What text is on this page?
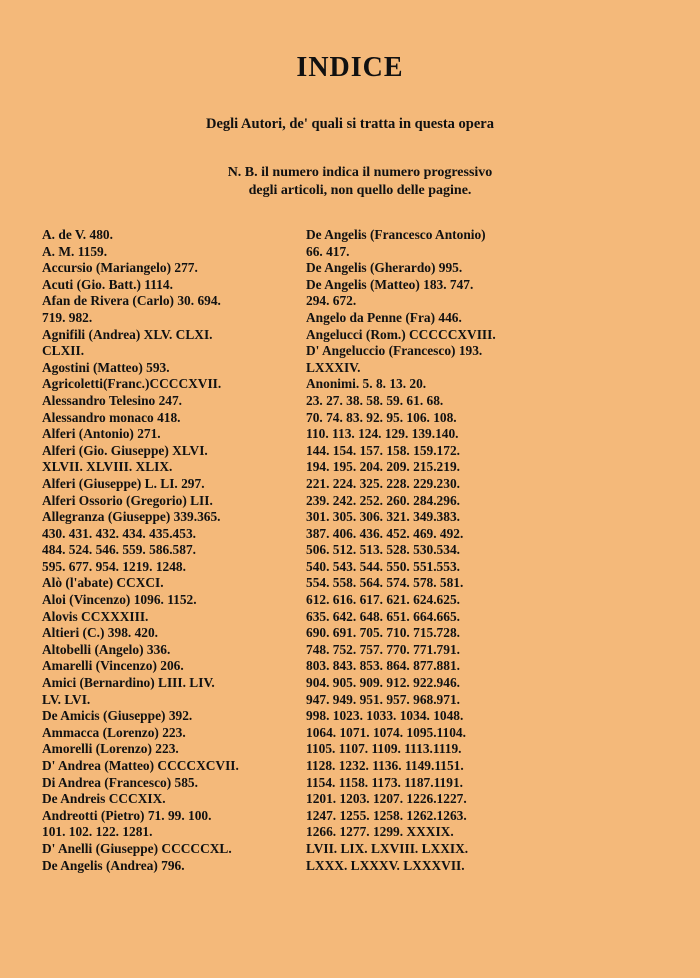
INDICE
Degli Autori, de' quali si tratta in questa opera
N. B. il numero indica il numero progressivo
degli articoli, non quello delle pagine.
A. de V. 480.
A. M. 1159.
Accursio (Mariangelo) 277.
Acuti (Gio. Batt.) 1114.
Afan de Rivera (Carlo) 30. 694.
719. 982.
Agnifili (Andrea) XLV. CLXI.
CLXII.
Agostini (Matteo) 593.
Agricoletti(Franc.)CCCCXVII.
Alessandro Telesino 247.
Alessandro monaco 418.
Alferi (Antonio) 271.
Alferi (Gio. Giuseppe) XLVI.
XLVII. XLVIII. XLIX.
Alferi (Giuseppe) L. LI. 297.
Alferi Ossorio (Gregorio) LII.
Allegranza (Giuseppe) 339.365.
430. 431. 432. 434. 435.453.
484. 524. 546. 559. 586.587.
595. 677. 954. 1219. 1248.
Alò (l'abate) CCXCI.
Aloi (Vincenzo) 1096. 1152.
Alovis CCXXXIII.
Altieri (C.) 398. 420.
Altobelli (Angelo) 336.
Amarelli (Vincenzo) 206.
Amici (Bernardino) LIII. LIV.
LV. LVI.
De Amicis (Giuseppe) 392.
Ammacca (Lorenzo) 223.
Amorelli (Lorenzo) 223.
D' Andrea (Matteo) CCCCXCVII.
Di Andrea (Francesco) 585.
De Andreis CCCXIX.
Andreotti (Pietro) 71. 99. 100.
101. 102. 122. 1281.
D' Anelli (Giuseppe) CCCCCXL.
De Angelis (Andrea) 796.
De Angelis (Francesco Antonio)
66. 417.
De Angelis (Gherardo) 995.
De Angelis (Matteo) 183. 747.
294. 672.
Angelo da Penne (Fra) 446.
Angelucci (Rom.) CCCCCXVIII.
D' Angeluccio (Francesco) 193.
LXXXIV.
Anonimi. 5. 8. 13. 20.
23. 27. 38. 58. 59. 61. 68.
70. 74. 83. 92. 95. 106. 108.
110. 113. 124. 129. 139.140.
144. 154. 157. 158. 159.172.
194. 195. 204. 209. 215.219.
221. 224. 325. 228. 229.230.
239. 242. 252. 260. 284.296.
301. 305. 306. 321. 349.383.
387. 406. 436. 452. 469. 492.
506. 512. 513. 528. 530.534.
540. 543. 544. 550. 551.553.
554. 558. 564. 574. 578. 581.
612. 616. 617. 621. 624.625.
635. 642. 648. 651. 664.665.
690. 691. 705. 710. 715.728.
748. 752. 757. 770. 771.791.
803. 843. 853. 864. 877.881.
904. 905. 909. 912. 922.946.
947. 949. 951. 957. 968.971.
998. 1023. 1033. 1034. 1048.
1064. 1071. 1074. 1095.1104.
1105. 1107. 1109. 1113.1119.
1128. 1232. 1136. 1149.1151.
1154. 1158. 1173. 1187.1191.
1201. 1203. 1207. 1226.1227.
1247. 1255. 1258. 1262.1263.
1266. 1277. 1299. XXXIX.
LVII. LIX. LXVIII. LXXIX.
LXXX. LXXXV. LXXXVII.
